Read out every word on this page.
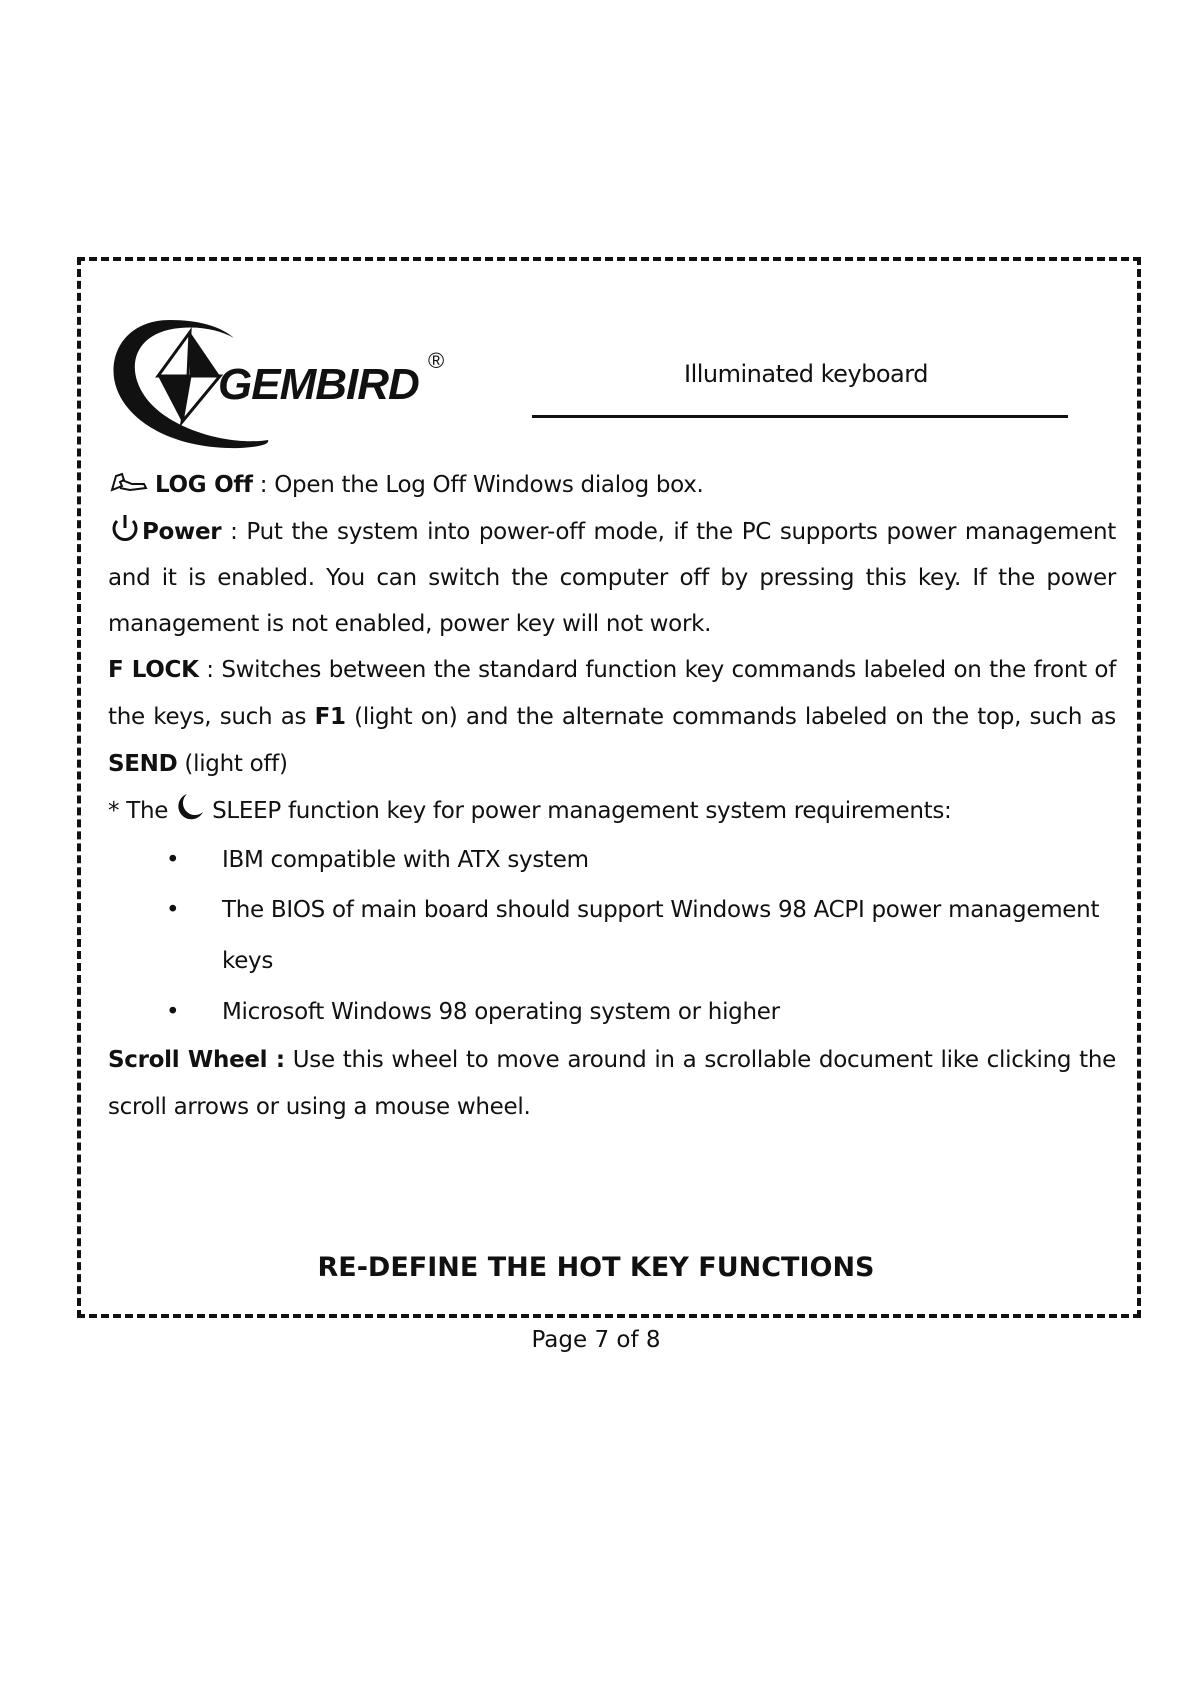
GEMBIRD ®	Illuminated keyboard

LOG Off : Open the Log Off Windows dialog box.

Power : Put the system into power-off mode, if the PC supports power management and it is enabled. You can switch the computer off by pressing this key. If the power management is not enabled, power key will not work.

F LOCK : Switches between the standard function key commands labeled on the front of the keys, such as F1 (light on) and the alternate commands labeled on the top, such as SEND (light off)

* The  SLEEP function key for power management system requirements:

• IBM compatible with ATX system
• The BIOS of main board should support Windows 98 ACPI power management keys
• Microsoft Windows 98 operating system or higher

Scroll Wheel : Use this wheel to move around in a scrollable document like clicking the scroll arrows or using a mouse wheel.

RE-DEFINE THE HOT KEY FUNCTIONS
Page 7 of 8
